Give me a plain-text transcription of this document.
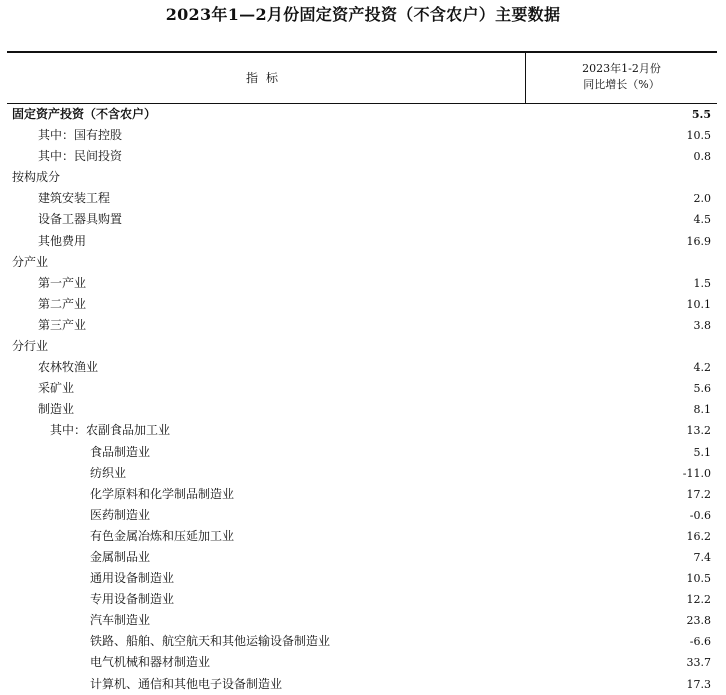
2023年1—2月份固定资产投资（不含农户）主要数据
指标
2023年1-2月份
同比增长（%）
固定资产投资（不含农户）	5.5
其中：国有控股	10.5
其中：民间投资	0.8
按构成分
建筑安装工程	2.0
设备工器具购置	4.5
其他费用	16.9
分产业
第一产业	1.5
第二产业	10.1
第三产业	3.8
分行业
农林牧渔业	4.2
采矿业	5.6
制造业	8.1
其中：农副食品加工业	13.2
食品制造业	5.1
纺织业	-11.0
化学原料和化学制品制造业	17.2
医药制造业	-0.6
有色金属冶炼和压延加工业	16.2
金属制品业	7.4
通用设备制造业	10.5
专用设备制造业	12.2
汽车制造业	23.8
铁路、船舶、航空航天和其他运输设备制造业	-6.6
电气机械和器材制造业	33.7
计算机、通信和其他电子设备制造业	17.3
